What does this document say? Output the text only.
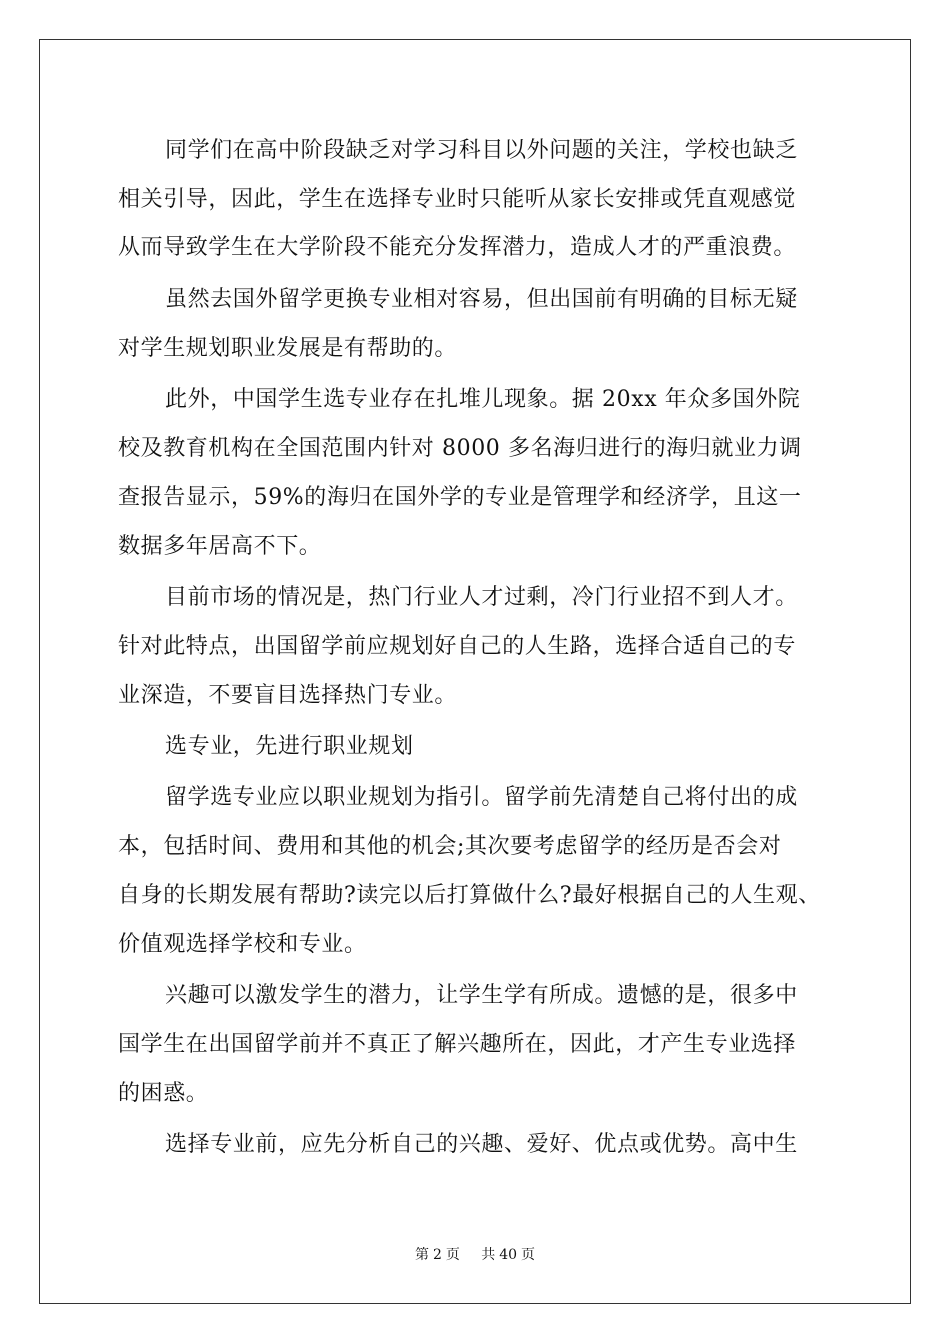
同学们在高中阶段缺乏对学习科目以外问题的关注，学校也缺乏
相关引导，因此，学生在选择专业时只能听从家长安排或凭直观感觉
从而导致学生在大学阶段不能充分发挥潜力，造成人才的严重浪费。
虽然去国外留学更换专业相对容易，但出国前有明确的目标无疑
对学生规划职业发展是有帮助的。
此外，中国学生选专业存在扎堆儿现象。据 20xx 年众多国外院
校及教育机构在全国范围内针对 8000 多名海归进行的海归就业力调
查报告显示，59%的海归在国外学的专业是管理学和经济学，且这一
数据多年居高不下。
目前市场的情况是，热门行业人才过剩，冷门行业招不到人才。
针对此特点，出国留学前应规划好自己的人生路，选择合适自己的专
业深造，不要盲目选择热门专业。
选专业，先进行职业规划
留学选专业应以职业规划为指引。留学前先清楚自己将付出的成
本，包括时间、费用和其他的机会;其次要考虑留学的经历是否会对
自身的长期发展有帮助?读完以后打算做什么?最好根据自己的人生观、
价值观选择学校和专业。
兴趣可以激发学生的潜力，让学生学有所成。遗憾的是，很多中
国学生在出国留学前并不真正了解兴趣所在，因此，才产生专业选择
的困惑。
选择专业前，应先分析自己的兴趣、爱好、优点或优势。高中生
第 2 页 共 40 页
